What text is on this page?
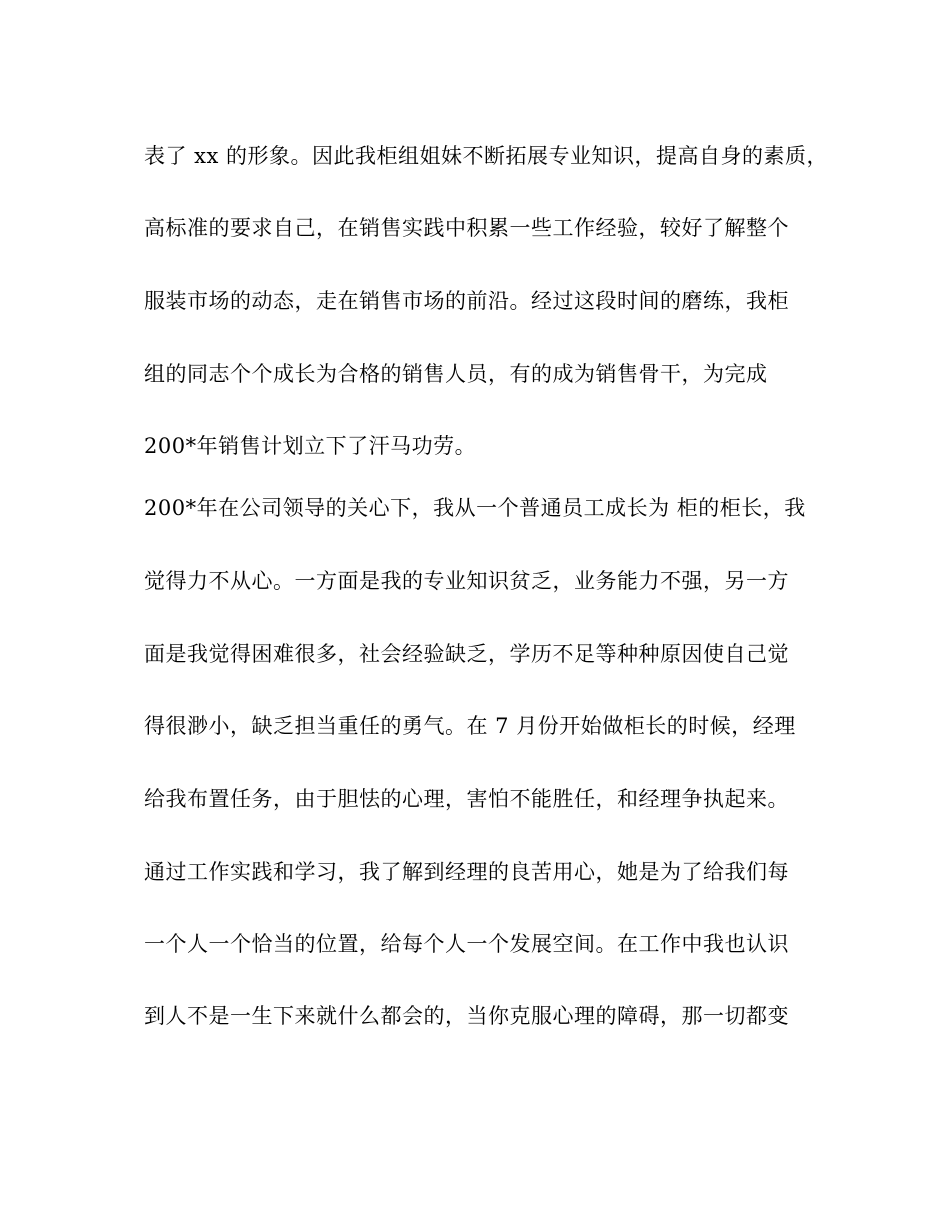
表了 xx 的形象。因此我柜组姐妹不断拓展专业知识，提高自身的素质，
高标准的要求自己，在销售实践中积累一些工作经验，较好了解整个
服装市场的动态，走在销售市场的前沿。经过这段时间的磨练，我柜
组的同志个个成长为合格的销售人员，有的成为销售骨干，为完成
200*年销售计划立下了汗马功劳。
200*年在公司领导的关心下，我从一个普通员工成长为 柜的柜长，我
觉得力不从心。一方面是我的专业知识贫乏，业务能力不强，另一方
面是我觉得困难很多，社会经验缺乏，学历不足等种种原因使自己觉
得很渺小，缺乏担当重任的勇气。在 7 月份开始做柜长的时候，经理
给我布置任务，由于胆怯的心理，害怕不能胜任，和经理争执起来。
通过工作实践和学习，我了解到经理的良苦用心，她是为了给我们每
一个人一个恰当的位置，给每个人一个发展空间。在工作中我也认识
到人不是一生下来就什么都会的，当你克服心理的障碍，那一切都变
